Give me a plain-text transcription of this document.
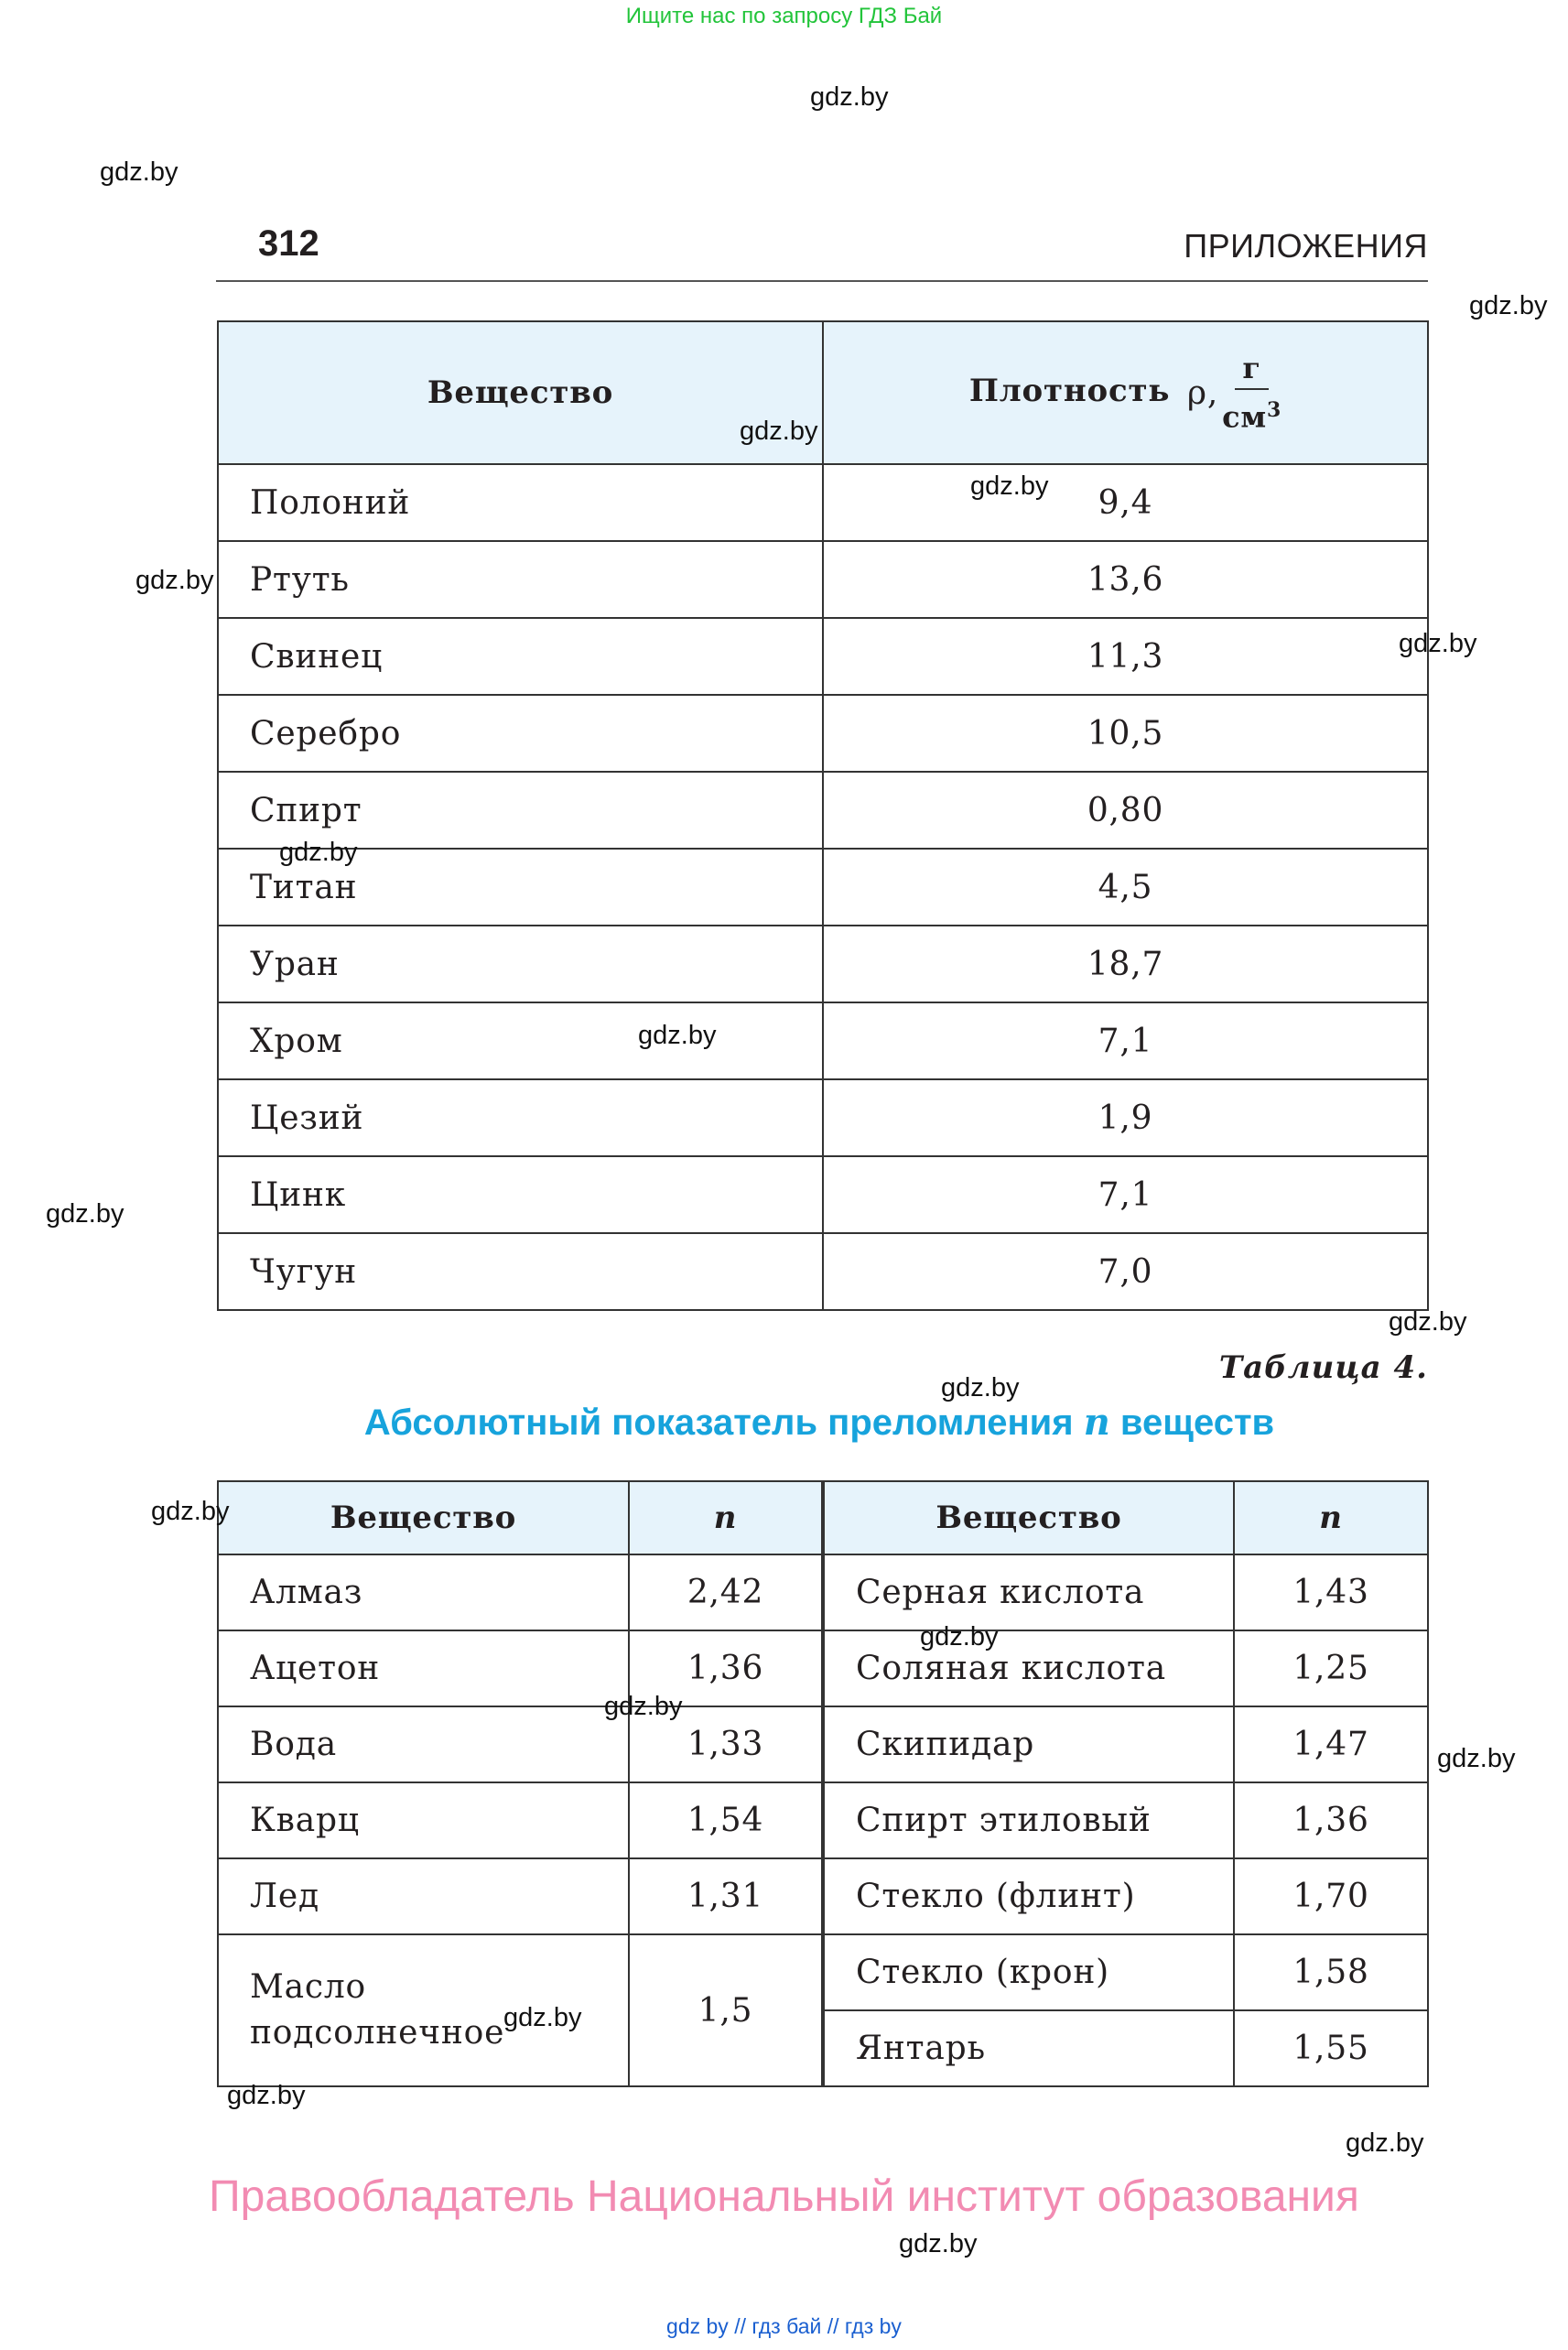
Ищите нас по запросу ГДЗ Бай
312	ПРИЛОЖЕНИЯ
Вещество	Плотность ρ, $\frac{г}{см^3}$

Полоний	9,4
Ртуть	13,6
Свинец	11,3
Серебро	10,5
Спирт	0,80
Титан	4,5
Уран	18,7
Хром	7,1
Цезий	1,9
Цинк	7,1
Чугун	7,0
Таблица 4.
Абсолютный показатель преломления n веществ
Вещество	n	Вещество	n
Алмаз	2,42	Серная кислота	1,43
Ацетон	1,36	Соляная кислота	1,25
Вода	1,33	Скипидар	1,47
Кварц	1,54	Спирт этиловый	1,36
Лед	1,31	Стекло (флинт)	1,70
Масло
подсолнечное	1,5	Стекло (крон)	1,58
		Янтарь	1,55
Правообладатель Национальный институт образования
gdz by // гдз бай // гдз by
gdz.by
gdz.by
gdz.by
gdz.by
gdz.by
gdz.by
gdz.by
gdz.by
gdz.by
gdz.by
gdz.by
gdz.by
gdz.by
gdz.by
gdz.by
gdz.by
gdz.by
gdz.by
gdz.by
gdz.by
